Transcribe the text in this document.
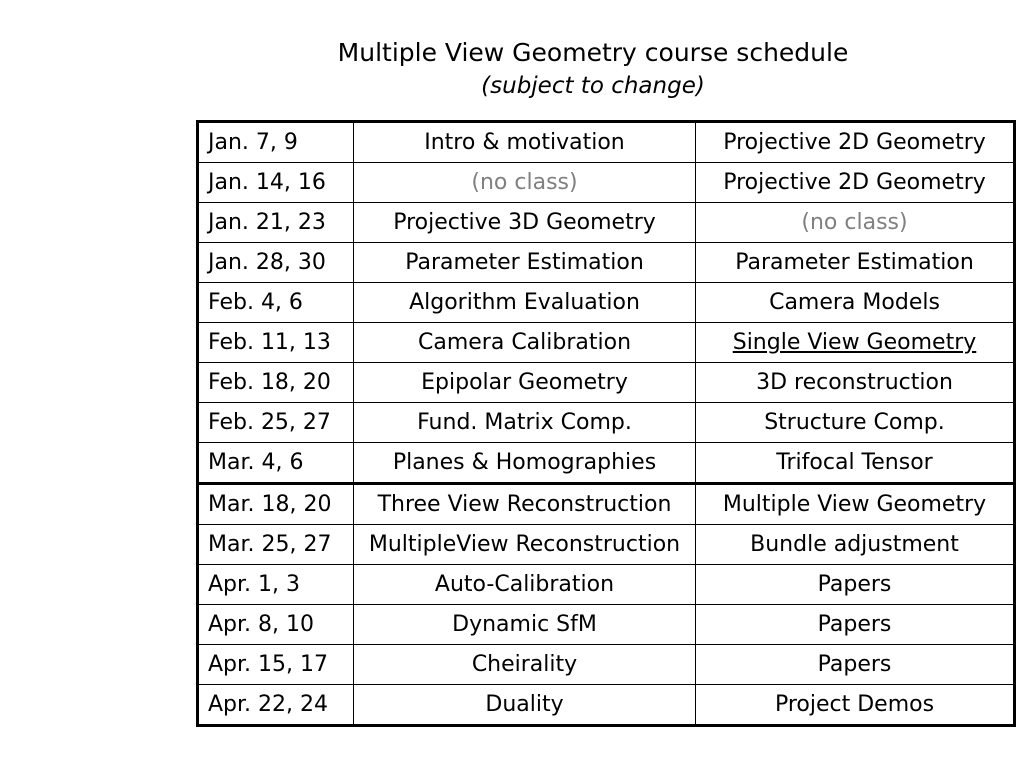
Multiple View Geometry course schedule
(subject to change)
Jan. 7, 9	Intro & motivation	Projective 2D Geometry
Jan. 14, 16	(no class)	Projective 2D Geometry
Jan. 21, 23	Projective 3D Geometry	(no class)
Jan. 28, 30	Parameter Estimation	Parameter Estimation
Feb. 4, 6	Algorithm Evaluation	Camera Models
Feb. 11, 13	Camera Calibration	Single View Geometry
Feb. 18, 20	Epipolar Geometry	3D reconstruction
Feb. 25, 27	Fund. Matrix Comp.	Structure Comp.
Mar. 4, 6	Planes & Homographies	Trifocal Tensor
Mar. 18, 20	Three View Reconstruction	Multiple View Geometry
Mar. 25, 27	MultipleView Reconstruction	Bundle adjustment
Apr. 1, 3	Auto-Calibration	Papers
Apr. 8, 10	Dynamic SfM	Papers
Apr. 15, 17	Cheirality	Papers
Apr. 22, 24	Duality	Project Demos
